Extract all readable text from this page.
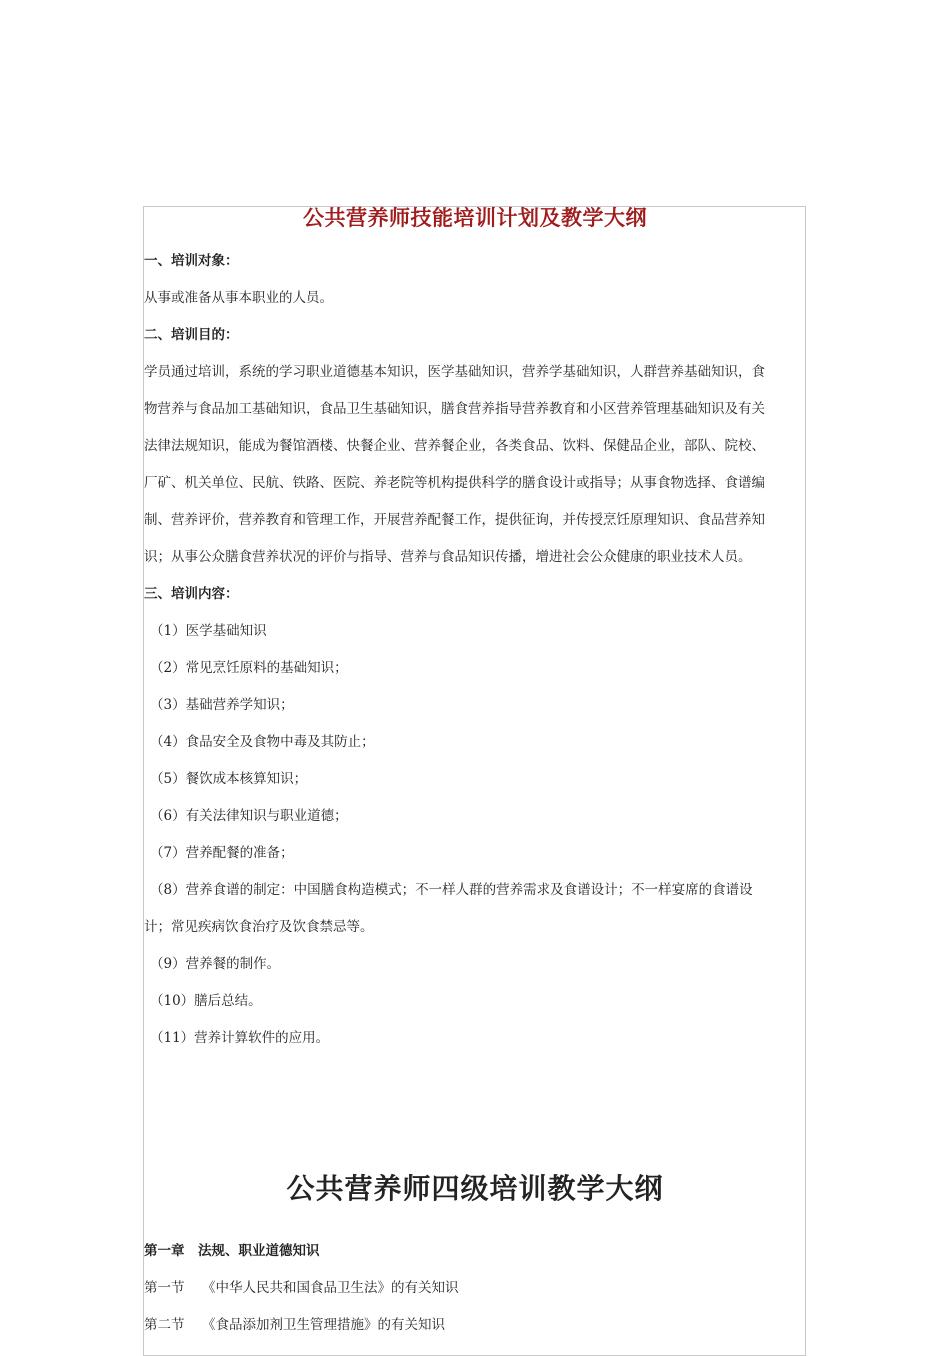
公共营养师技能培训计划及教学大纲
一、培训对象：
从事或准备从事本职业的人员。
二、培训目的：
学员通过培训，系统的学习职业道德基本知识，医学基础知识，营养学基础知识，人群营养基础知识，食
物营养与食品加工基础知识，食品卫生基础知识，膳食营养指导营养教育和小区营养管理基础知识及有关
法律法规知识，能成为餐馆酒楼、快餐企业、营养餐企业，各类食品、饮料、保健品企业，部队、院校、
厂矿、机关单位、民航、铁路、医院、养老院等机构提供科学的膳食设计或指导；从事食物选择、食谱编
制、营养评价，营养教育和管理工作，开展营养配餐工作，提供征询，并传授烹饪原理知识、食品营养知
识；从事公众膳食营养状况的评价与指导、营养与食品知识传播，增进社会公众健康的职业技术人员。
三、培训内容：
（1）医学基础知识
（2）常见烹饪原料的基础知识；
（3）基础营养学知识；
（4）食品安全及食物中毒及其防止；
（5）餐饮成本核算知识；
（6）有关法律知识与职业道德；
（7）营养配餐的准备；
（8）营养食谱的制定：中国膳食构造模式；不一样人群的营养需求及食谱设计；不一样宴席的食谱设
计；常见疾病饮食治疗及饮食禁忌等。
（9）营养餐的制作。
（10）膳后总结。
（11）营养计算软件的应用。
公共营养师四级培训教学大纲
第一章　法规、职业道德知识
第一节 《中华人民共和国食品卫生法》的有关知识
第二节 《食品添加剂卫生管理措施》的有关知识
